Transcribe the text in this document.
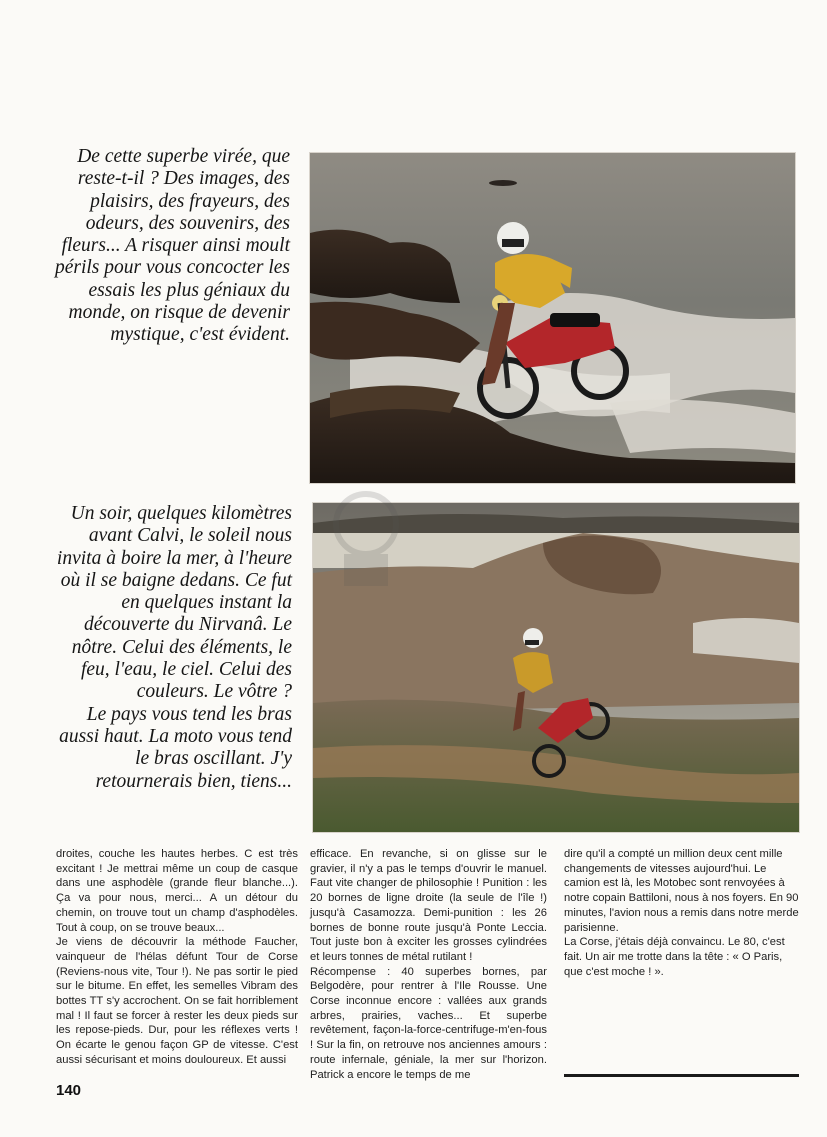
De cette superbe virée, que
reste-t-il ? Des images, des
plaisirs, des frayeurs, des
odeurs, des souvenirs, des
fleurs... A risquer ainsi moult
périls pour vous concocter les
essais les plus géniaux du
monde, on risque de devenir
mystique, c'est évident.
Un soir, quelques kilomètres
avant Calvi, le soleil nous
invita à boire la mer, à l'heure
où il se baigne dedans. Ce fut
en quelques instant la
découverte du Nirvanâ. Le
nôtre. Celui des éléments, le
feu, l'eau, le ciel. Celui des
couleurs. Le vôtre ?
Le pays vous tend les bras
aussi haut. La moto vous tend
le bras oscillant. J'y
retournerais bien, tiens...

droites, couche les hautes herbes. C est très excitant ! Je mettrai même un coup de casque dans une asphodèle (grande fleur blanche...). Ça va pour nous, merci... A un détour du chemin, on trouve tout un champ d'asphodèles. Tout à coup, on se trouve beaux...

Je viens de découvrir la méthode Faucher, vainqueur de l'hélas défunt Tour de Corse (Reviens-nous vite, Tour !). Ne pas sortir le pied sur le bitume. En effet, les semelles Vibram des bottes TT s'y accrochent. On se fait horriblement mal ! Il faut se forcer à rester les deux pieds sur les repose-pieds. Dur, pour les réflexes verts ! On écarte le genou façon GP de vitesse. C'est aussi sécurisant et moins douloureux. Et aussi

efficace. En revanche, si on glisse sur le gravier, il n'y a pas le temps d'ouvrir le manuel. Faut vite changer de philosophie ! Punition : les 20 bornes de ligne droite (la seule de l'île !) jusqu'à Casamozza. Demi-punition : les 26 bornes de bonne route jusqu'à Ponte Leccia. Tout juste bon à exciter les grosses cylindrées et leurs tonnes de métal rutilant !

Récompense : 40 superbes bornes, par Belgodère, pour rentrer à l'Ile Rousse. Une Corse inconnue encore : vallées aux grands arbres, prairies, vaches... Et superbe revêtement, façon-la-force-centrifuge-m'en-fous ! Sur la fin, on retrouve nos anciennes amours : route infernale, géniale, la mer sur l'horizon. Patrick a encore le temps de me

dire qu'il a compté un million deux cent mille changements de vitesses aujourd'hui. Le camion est là, les Motobec sont renvoyées à notre copain Battiloni, nous à nos foyers. En 90 minutes, l'avion nous a remis dans notre merde parisienne.

La Corse, j'étais déjà convaincu. Le 80, c'est fait. Un air me trotte dans la tête : « O Paris, que c'est moche ! ».

140
